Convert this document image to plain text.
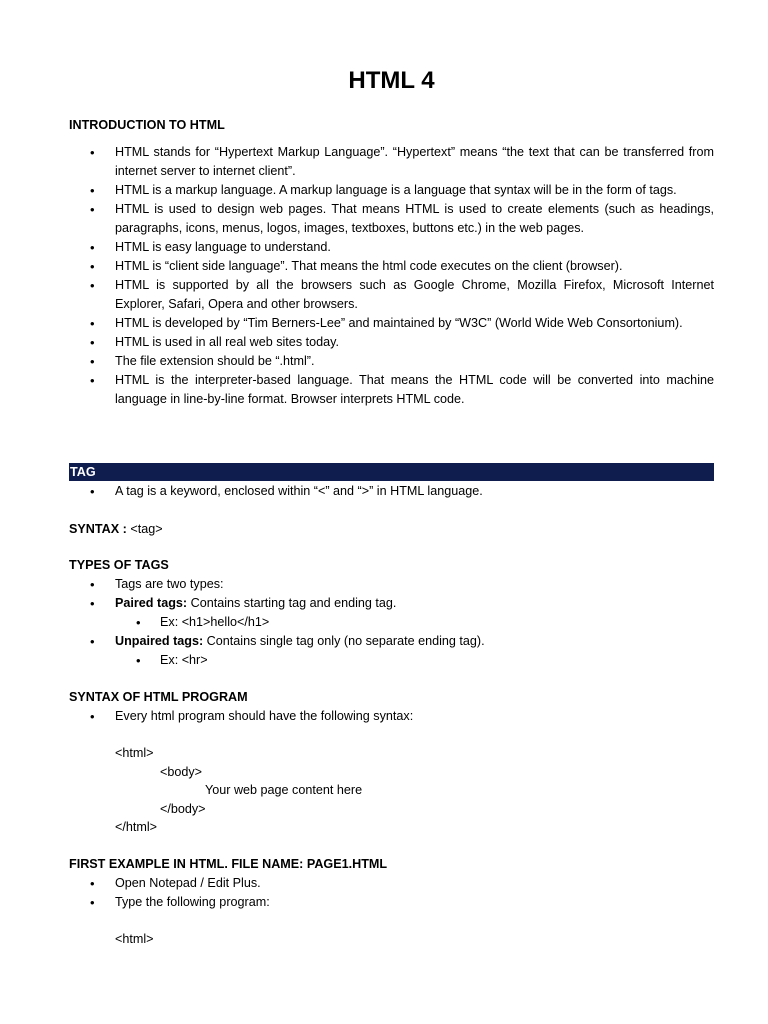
HTML 4
INTRODUCTION TO HTML
• HTML stands for “Hypertext Markup Language”. “Hypertext” means “the text that can be transferred from internet server to internet client”.
• HTML is a markup language. A markup language is a language that syntax will be in the form of tags.
• HTML is used to design web pages. That means HTML is used to create elements (such as headings, paragraphs, icons, menus, logos, images, textboxes, buttons etc.) in the web pages.
• HTML is easy language to understand.
• HTML is “client side language”. That means the html code executes on the client (browser).
• HTML is supported by all the browsers such as Google Chrome, Mozilla Firefox, Microsoft Internet Explorer, Safari, Opera and other browsers.
• HTML is developed by “Tim Berners-Lee” and maintained by “W3C” (World Wide Web Consortonium).
• HTML is used in all real web sites today.
• The file extension should be “.html”.
• HTML is the interpreter-based language. That means the HTML code will be converted into machine language in line-by-line format. Browser interprets HTML code.
TAG
• A tag is a keyword, enclosed within “<” and “>” in HTML language.
SYNTAX : <tag>
TYPES OF TAGS
• Tags are two types:
• Paired tags: Contains starting tag and ending tag.
• Ex: <h1>hello</h1>
• Unpaired tags: Contains single tag only (no separate ending tag).
• Ex: <hr>
SYNTAX OF HTML PROGRAM
• Every html program should have the following syntax:
<html>
<body>
Your web page content here
</body>
</html>
FIRST EXAMPLE IN HTML. FILE NAME: PAGE1.HTML
• Open Notepad / Edit Plus.
• Type the following program:
<html>
